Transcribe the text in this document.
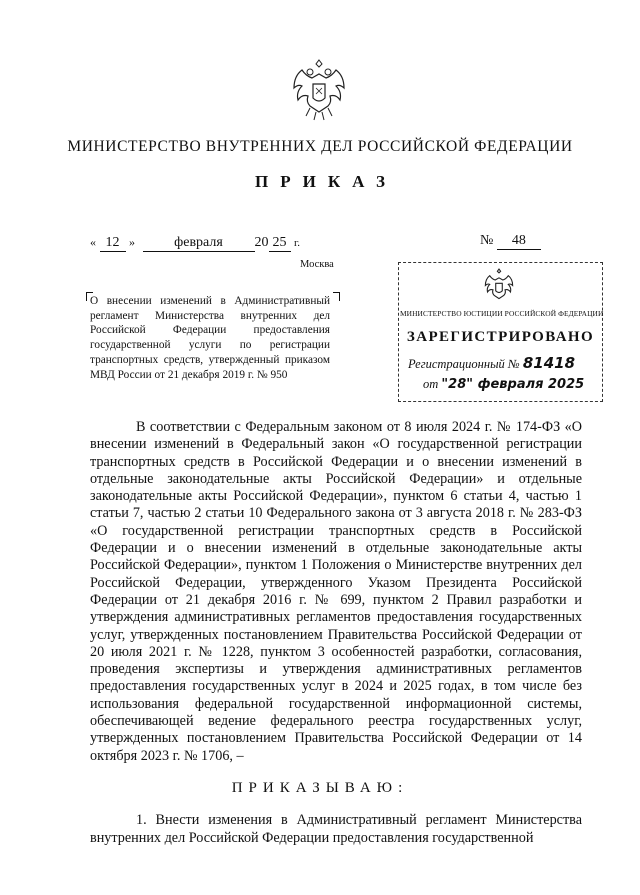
МИНИСТЕРСТВО ВНУТРЕННИХ ДЕЛ РОССИЙСКОЙ ФЕДЕРАЦИИ
ПРИКАЗ
« 12 »	февраля 20 25 г.	№ 48
Москва
О внесении изменений в Административный регламент Министерства внутренних дел Российской Федерации предоставления государственной услуги по регистрации транспортных средств, утвержденный приказом МВД России от 21 декабря 2019 г. № 950
МИНИСТЕРСТВО ЮСТИЦИИ РОССИЙСКОЙ ФЕДЕРАЦИИ
ЗАРЕГИСТРИРОВАНО
Регистрационный № 81418
от "28" февраля 2025

В соответствии с Федеральным законом от 8 июля 2024 г. № 174-ФЗ «О внесении изменений в Федеральный закон «О государственной регистрации транспортных средств в Российской Федерации и о внесении изменений в отдельные законодательные акты Российской Федерации» и отдельные законодательные акты Российской Федерации», пунктом 6 статьи 4, частью 1 статьи 7, частью 2 статьи 10 Федерального закона от 3 августа 2018 г. № 283-ФЗ «О государственной регистрации транспортных средств в Российской Федерации и о внесении изменений в отдельные законодательные акты Российской Федерации», пунктом 1 Положения о Министерстве внутренних дел Российской Федерации, утвержденного Указом Президента Российской Федерации от 21 декабря 2016 г. № 699, пунктом 2 Правил разработки и утверждения административных регламентов предоставления государственных услуг, утвержденных постановлением Правительства Российской Федерации от 20 июля 2021 г. № 1228, пунктом 3 особенностей разработки, согласования, проведения экспертизы и утверждения административных регламентов предоставления государственных услуг в 2024 и 2025 годах, в том числе без использования федеральной государственной информационной системы, обеспечивающей ведение федерального реестра государственных услуг, утвержденных постановлением Правительства Российской Федерации от 14 октября 2023 г. № 1706, –

ПРИКАЗЫВАЮ:

1. Внести изменения в Административный регламент Министерства внутренних дел Российской Федерации предоставления государственной
